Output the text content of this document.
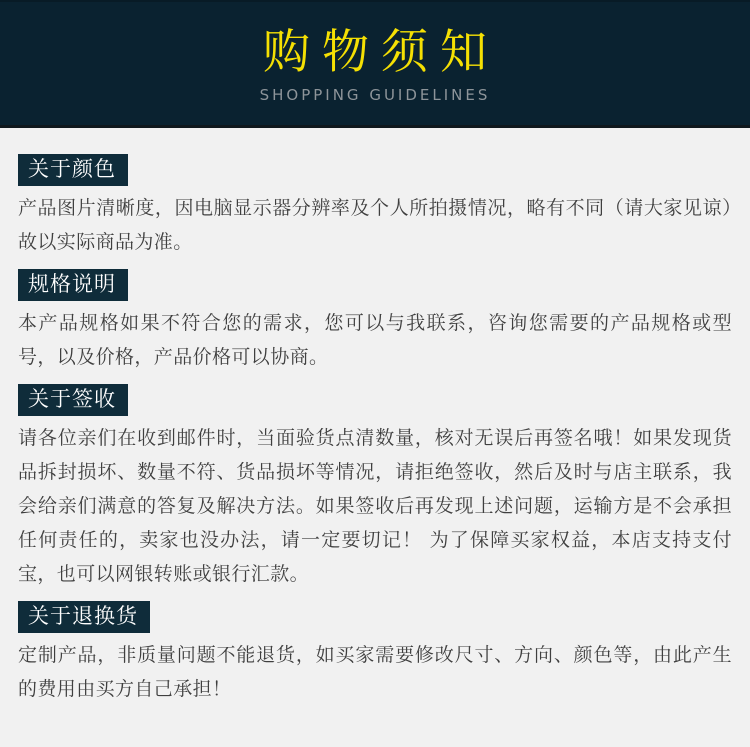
购物须知
SHOPPING GUIDELINES
关于颜色

产品图片清晰度，因电脑显示器分辨率及个人所拍摄情况，略有不同（请大家见谅）故以实际商品为准。

规格说明

本产品规格如果不符合您的需求，您可以与我联系，咨询您需要的产品规格或型号，以及价格，产品价格可以协商。

关于签收

请各位亲们在收到邮件时，当面验货点清数量，核对无误后再签名哦！如果发现货品拆封损坏、数量不符、货品损坏等情况，请拒绝签收，然后及时与店主联系，我会给亲们满意的答复及解决方法。如果签收后再发现上述问题，运输方是不会承担任何责任的，卖家也没办法，请一定要切记！ 为了保障买家权益，本店支持支付宝，也可以网银转账或银行汇款。

关于退换货

定制产品，非质量问题不能退货，如买家需要修改尺寸、方向、颜色等，由此产生的费用由买方自己承担！
